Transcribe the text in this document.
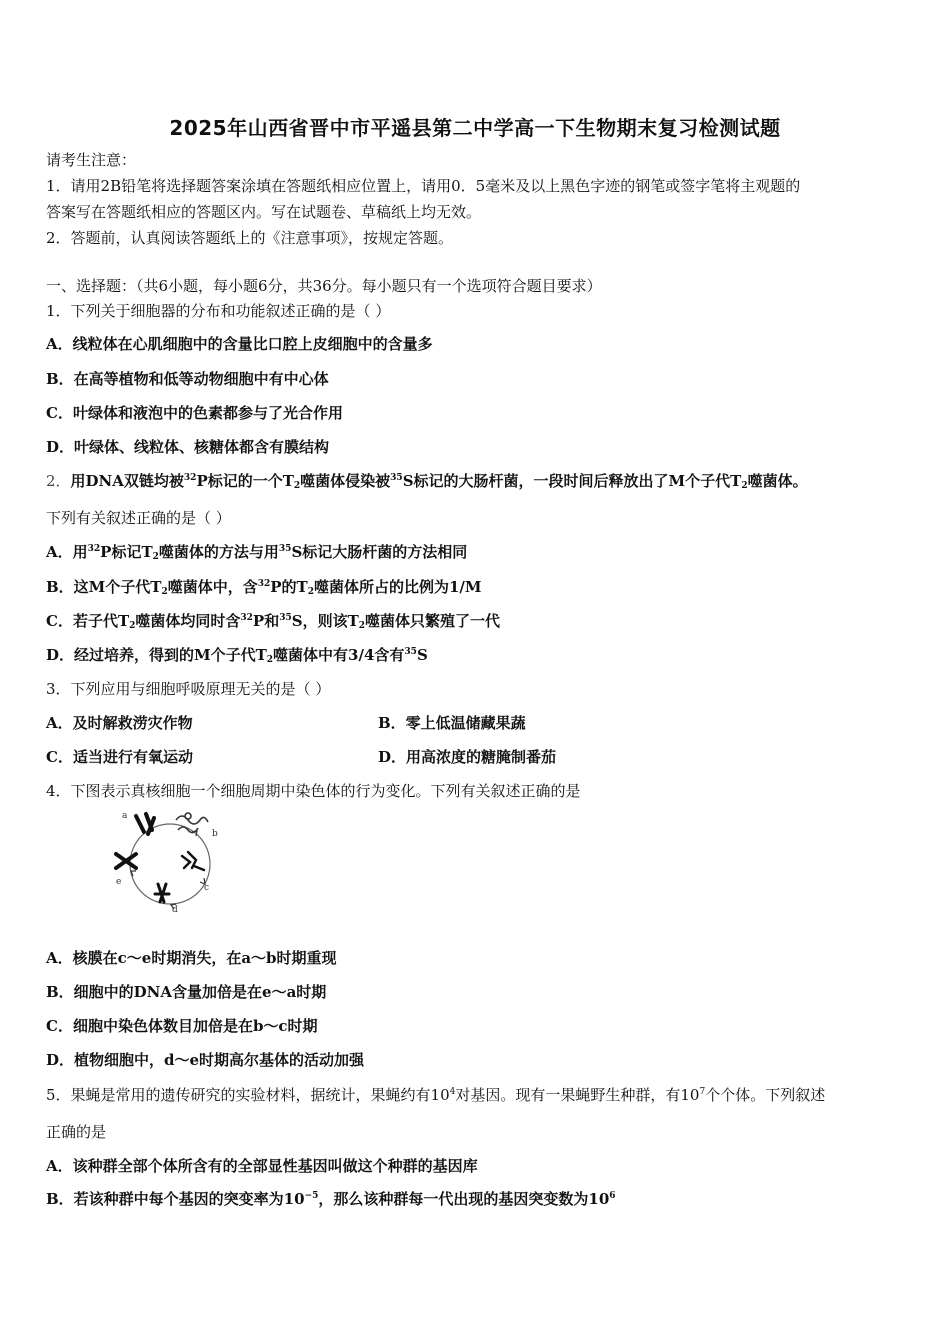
2025年山西省晋中市平遥县第二中学高一下生物期末复习检测试题
请考生注意：
1．请用2B铅笔将选择题答案涂填在答题纸相应位置上，请用0．5毫米及以上黑色字迹的钢笔或签字笔将主观题的
答案写在答题纸相应的答题区内。写在试题卷、草稿纸上均无效。
2．答题前，认真阅读答题纸上的《注意事项》，按规定答题。
一、选择题：（共6小题，每小题6分，共36分。每小题只有一个选项符合题目要求）
1．下列关于细胞器的分布和功能叙述正确的是（ ）
A．线粒体在心肌细胞中的含量比口腔上皮细胞中的含量多
B．在高等植物和低等动物细胞中有中心体
C．叶绿体和液泡中的色素都参与了光合作用
D．叶绿体、线粒体、核糖体都含有膜结构
2．用DNA双链均被$^{32}$P标记的一个$T_2$噬菌体侵染被$^{35}$S标记的大肠杆菌，一段时间后释放出了M个子代$T_2$噬菌体。
下列有关叙述正确的是（ ）
A．用$^{32}$P标记$T_2$噬菌体的方法与用$^{35}$S标记大肠杆菌的方法相同
B．这M个子代$T_2$噬菌体中，含$^{32}$P的$T_2$噬菌体所占的比例为1/M
C．若子代$T_2$噬菌体均同时含$^{32}$P和$^{35}$S，则该$T_2$噬菌体只繁殖了一代
D．经过培养，得到的M个子代$T_2$噬菌体中有3/4含有$^{35}$S
3．下列应用与细胞呼吸原理无关的是（ ）
A．及时解救涝灾作物	B．零上低温储藏果蔬
C．适当进行有氧运动	D．用高浓度的糖腌制番茄
4．下图表示真核细胞一个细胞周期中染色体的行为变化。下列有关叙述正确的是
a
b
c
d
e
A．核膜在c～e时期消失，在a～b时期重现
B．细胞中的DNA含量加倍是在e～a时期
C．细胞中染色体数目加倍是在b～c时期
D．植物细胞中，d～e时期高尔基体的活动加强
5．果蝇是常用的遗传研究的实验材料，据统计，果蝇约有$10^4$对基因。现有一果蝇野生种群，有$10^7$个个体。下列叙述
正确的是
A．该种群全部个体所含有的全部显性基因叫做这个种群的基因库
B．若该种群中每个基因的突变率为$10^{-5}$，那么该种群每一代出现的基因突变数为$10^6$
